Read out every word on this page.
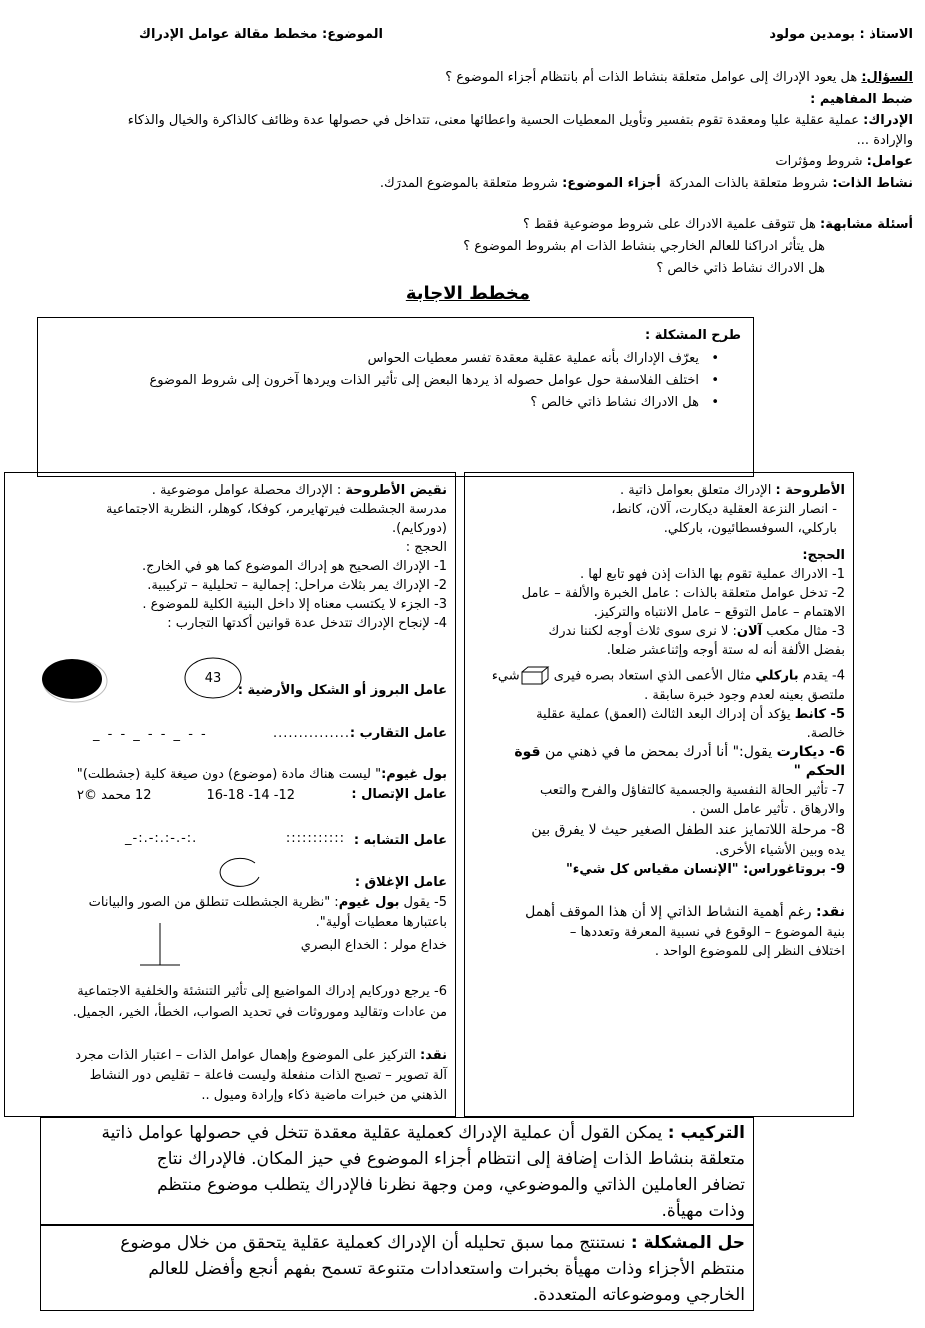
الاستاذ : بومدين مولود
الموضوع: مخطط مقالة عوامل الإدراك
السؤال: هل يعود الإدراك إلى عوامل متعلقة بنشاط الذات أم بانتظام أجزاء الموضوع ؟
ضبط المفاهيم :
الإدراك: عملية عقلية عليا ومعقدة تقوم بتفسير وتأويل المعطيات الحسية واعطائها معنى، تتداخل في حصولها عدة وظائف كالذاكرة والخيال والذكاء
والإرادة ...
عوامل: شروط ومؤثرات
نشاط الذات: شروط متعلقة بالذات المدركة  أجزاء الموضوع: شروط متعلقة بالموضوع المدرَك.
أسئلة مشابهة: هل تتوقف علمية الادراك على شروط موضوعية فقط ؟
هل يتأثر ادراكنا للعالم الخارجي بنشاط الذات ام بشروط الموضوع ؟
هل الادراك نشاط ذاتي خالص ؟
مخطط الاجابة
طرح المشكلة :
• يعرّف الإداراك بأنه عملية عقلية معقدة تفسر معطيات الحواس
• اختلف الفلاسفة حول عوامل حصوله اذ يردها البعض إلى تأثير الذات ويردها آخرون إلى شروط الموضوع
• هل الادراك نشاط ذاتي خالص ؟

الأطروحة : الإدراك متعلق بعوامل ذاتية .

- انصار النزعة العقلية ديكارت، آلان، كانط،

باركلي، السوفسطائيون، باركلي.

الحجج:

1- الادراك عملية تقوم بها الذات إذن فهو تابع لها .

2- تدخل عوامل متعلقة بالذات : عامل الخبرة والألفة – عامل

الاهتمام – عامل التوقع – عامل الانتباه والتركيز.

3- مثال مكعب آلان: لا نرى سوى ثلاث أوجه لكننا ندرك

بفضل الألفة أنه له ستة أوجه وإثناعشر ضلعا.

4- يقدم باركلي مثال الأعمى الذي استعاد بصره فيرى شيء

ملتصق بعينه لعدم وجود خبرة سابقة .

5- كانط يؤكد أن إدراك البعد الثالث (العمق) عملية عقلية

خالصة.

6- ديكارت يقول:" أنا أدرك بمحض ما في ذهني من قوة

الحكم "

7- تأثير الحالة النفسية والجسمية كالتفاؤل والفرح والتعب

والارهاق . تأثير عامل السن .

8- مرحلة اللاتمايز عند الطفل الصغير حيث لا يفرق بين

يده وبين الأشياء الأخرى.

9- بروتاغوراس: "الإنسان مقياس كل شيء"

نقد: رغم أهمية النشاط الذاتي إلا أن هذا الموقف أهمل

بنية الموضوع – الوقوع في نسبية المعرفة وتعددها –

اختلاف النظر إلى للموضوع الواحد .

نقيض الأطروحة : الإدراك محصلة عوامل موضوعية .

مدرسة الجشطلت فيرتهايرمر، كوفكا، كوهلر، النظرية الاجتماعية

(دوركايم).

الحجج :

1- الإدراك الصحيح هو إدراك الموضوع كما هو في الخارج.

2- الإدراك يمر بثلاث مراحل: إجمالية – تحليلية – تركيبية.

3- الجزء لا يكتسب معناه إلا داخل البنية الكلية للموضوع .

4- لإنجاح الإدراك تتدخل عدة قوانين أكدتها التجارب :

عامل البروز أو الشكل والأرضية :
43
عامل التقارب :
...............
- - _ - - _ - - _
بول غيوم:" ليست هناك مادة (موضوع) دون صيغة كلية (جشطلت)"
عامل الإتصال :
12- 14- 16-18
12 محمد ©٢
عامل التشابه :
:::::::::::
.:-.-:.:-.:-_
عامل الإغلاق :
5- يقول بول غيوم: "نظرية الجشطلت تنطلق من الصور والبيانات
باعتبارها معطيات أولية".
خداع مولر : الخداع البصري
6- يرجع دوركايم إدراك المواضيع إلى تأثير التنشئة والخلفية الاجتماعية
من عادات وتقاليد وموروثات في تحديد الصواب، الخطأ، الخير، الجميل.
نقد: التركيز على الموضوع وإهمال عوامل الذات – اعتبار الذات مجرد
آلة تصوير – تصبح الذات منفعلة وليست فاعلة – تقليص دور النشاط
الذهني من خبرات ماضية ذكاء وإرادة وميول ..
التركيب : يمكن القول أن عملية الإدراك كعملية عقلية معقدة تتخل في حصولها عوامل ذاتية
متعلقة بنشاط الذات إضافة إلى انتظام أجزاء الموضوع في حيز المكان. فالإدراك نتاج
تضافر العاملين الذاتي والموضوعي، ومن وجهة نظرنا فالإدراك يتطلب موضوع منتظم
وذات مهيأة.
حل المشكلة : نستنتج مما سبق تحليله أن الإدراك كعملية عقلية يتحقق من خلال موضوع
منتظم الأجزاء وذات مهيأة بخبرات واستعدادات متنوعة تسمح بفهم أنجع وأفضل للعالم
الخارجي وموضوعاته المتعددة.
